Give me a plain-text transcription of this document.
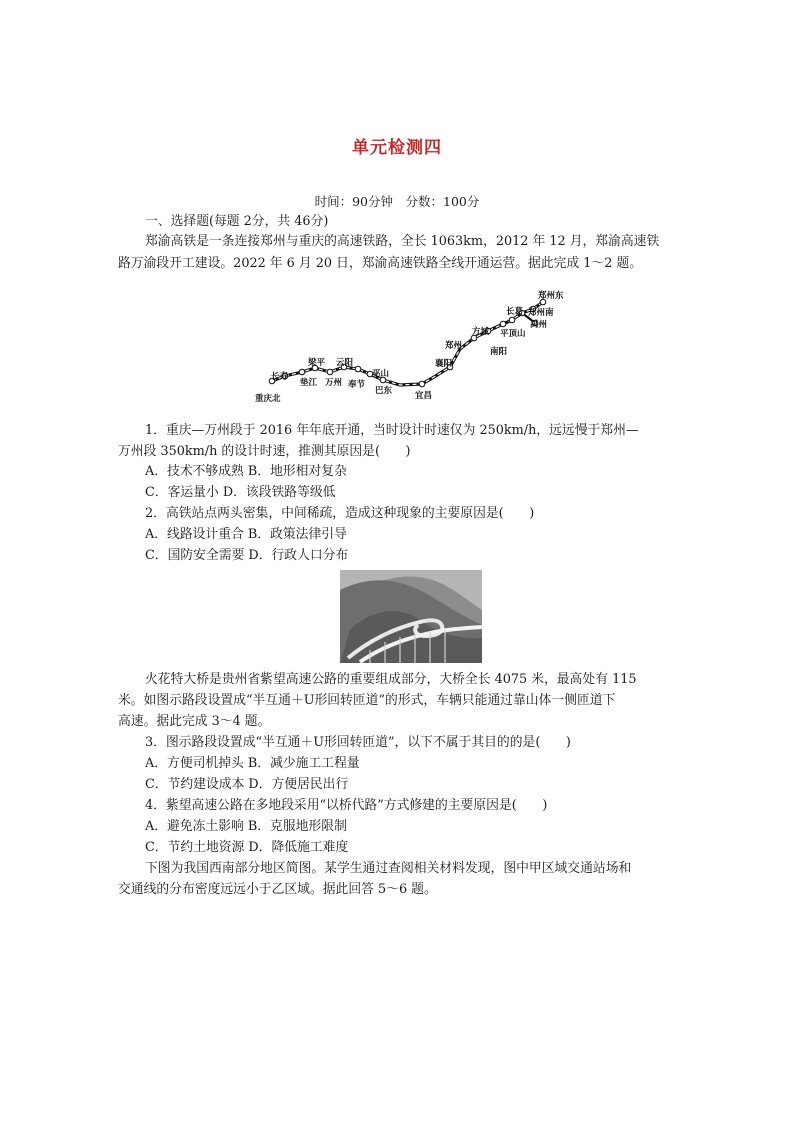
单元检测四
时间：90分钟　分数：100分
一、选择题(每题 2分，共 46分)
郑渝高铁是一条连接郑州与重庆的高速铁路，全长 1063km，2012 年 12 月，郑渝高速铁
路万渝段开工建设。2022 年 6 月 20 日，郑渝高速铁路全线开通运营。据此完成 1～2 题。
郑州东
长葛 郑州南
禹州
方城 平顶山
郑州
南阳
襄阳
宜昌
巴东
巫山
梁平 云阳
垫江 万州 奉节
长寿
重庆北
1．重庆—万州段于 2016 年年底开通，当时设计时速仅为 250km/h，远远慢于郑州—
万州段 350km/h 的设计时速，推测其原因是(　　)
A．技术不够成熟 B．地形相对复杂
C．客运量小 D．该段铁路等级低
2．高铁站点两头密集，中间稀疏，造成这种现象的主要原因是(　　)
A．线路设计重合 B．政策法律引导
C．国防安全需要 D．行政人口分布
火花特大桥是贵州省紫望高速公路的重要组成部分，大桥全长 4075 米，最高处有 115
米。如图示路段设置成“半互通＋U形回转匝道”的形式，车辆只能通过靠山体一侧匝道下
高速。据此完成 3～4 题。
3．图示路段设置成“半互通＋U形回转匝道”，以下不属于其目的的是(　　)
A．方便司机掉头 B．减少施工工程量
C．节约建设成本 D．方便居民出行
4．紫望高速公路在多地段采用“以桥代路”方式修建的主要原因是(　　)
A．避免冻土影响 B．克服地形限制
C．节约土地资源 D．降低施工难度
下图为我国西南部分地区简图。某学生通过查阅相关材料发现，图中甲区域交通站场和
交通线的分布密度远远小于乙区域。据此回答 5～6 题。
